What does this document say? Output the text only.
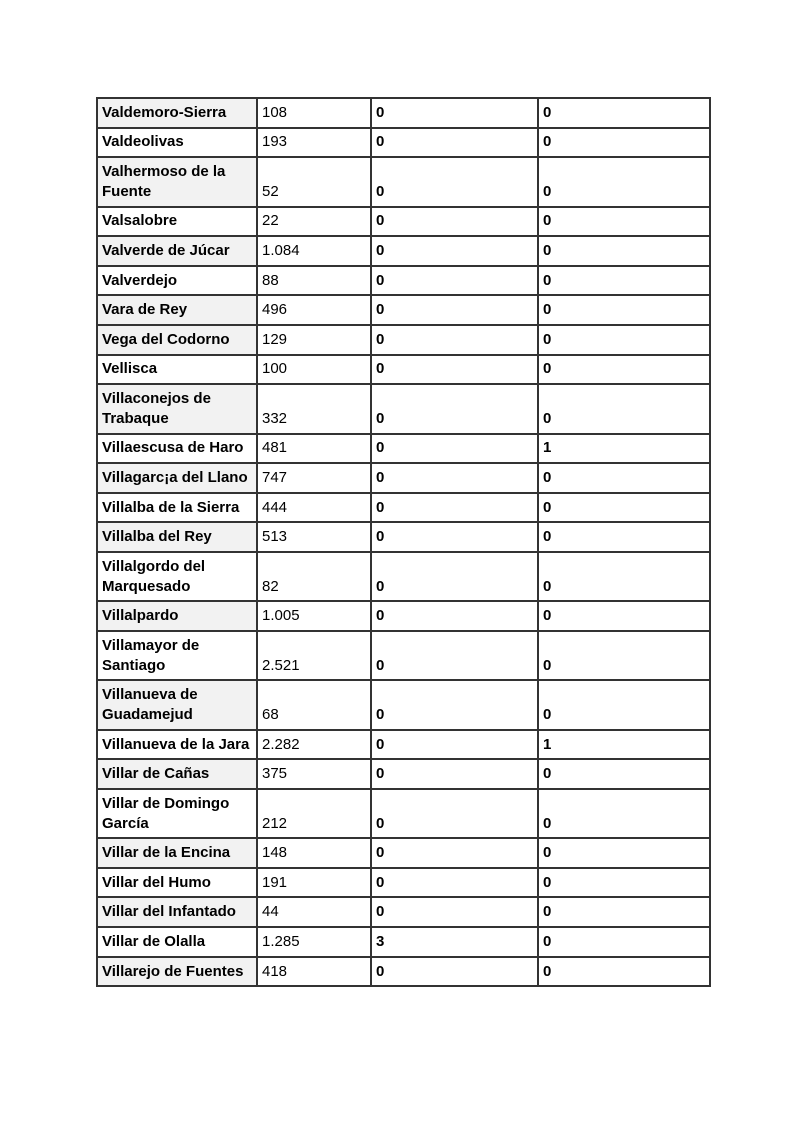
Valdemoro-Sierra	108	0	0
Valdeolivas	193	0	0
Valhermoso de la Fuente	52	0	0
Valsalobre	22	0	0
Valverde de Júcar	1.084	0	0
Valverdejo	88	0	0
Vara de Rey	496	0	0
Vega del Codorno	129	0	0
Vellisca	100	0	0
Villaconejos de Trabaque	332	0	0
Villaescusa de Haro	481	0	1
Villagarc¡a del Llano	747	0	0
Villalba de la Sierra	444	0	0
Villalba del Rey	513	0	0
Villalgordo del Marquesado	82	0	0
Villalpardo	1.005	0	0
Villamayor de Santiago	2.521	0	0
Villanueva de Guadamejud	68	0	0
Villanueva de la Jara	2.282	0	1
Villar de Cañas	375	0	0
Villar de Domingo García	212	0	0
Villar de la Encina	148	0	0
Villar del Humo	191	0	0
Villar del Infantado	44	0	0
Villar de Olalla	1.285	3	0
Villarejo de Fuentes	418	0	0
